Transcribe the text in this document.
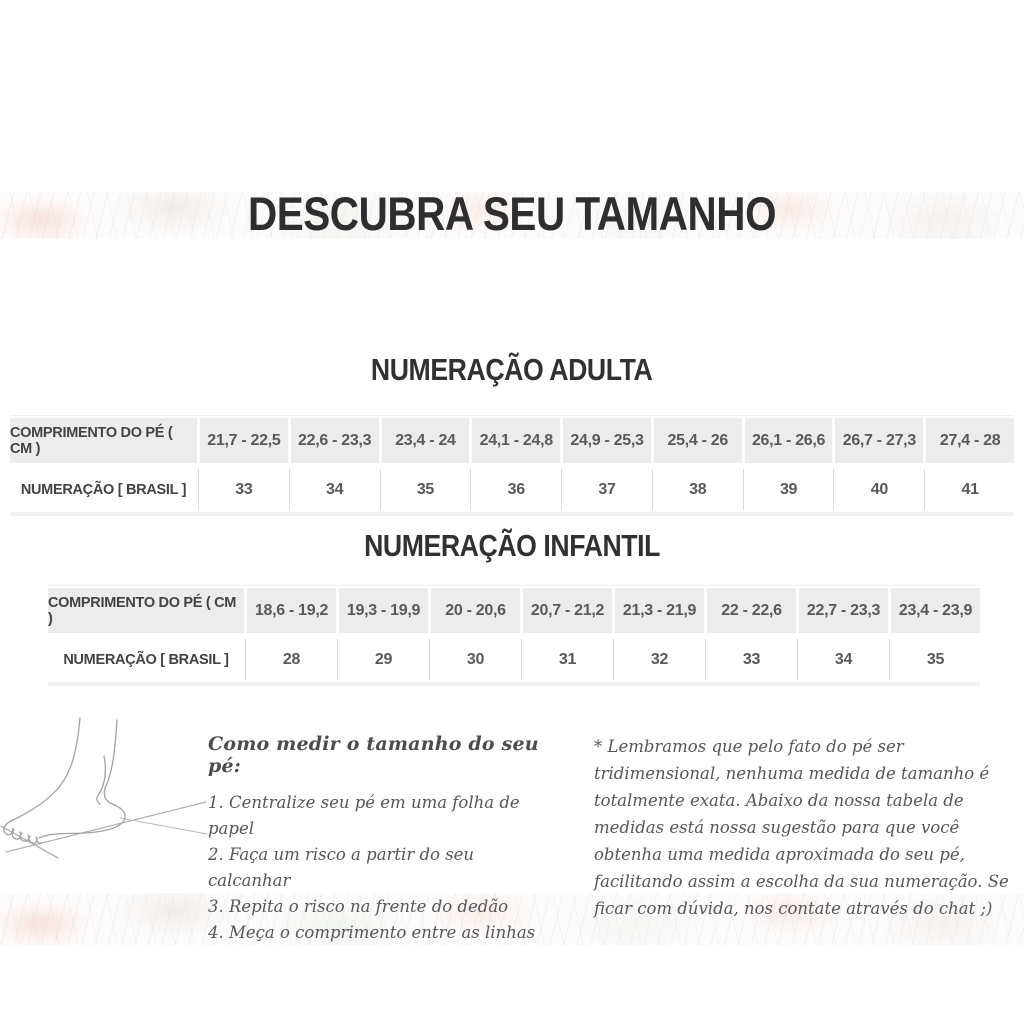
DESCUBRA SEU TAMANHO
NUMERAÇÃO ADULTA
COMPRIMENTO DO PÉ ( CM )	21,7 - 22,5	22,6 - 23,3	23,4 - 24	24,1 - 24,8	24,9 - 25,3	25,4 - 26	26,1 - 26,6	26,7 - 27,3	27,4 - 28
NUMERAÇÃO [ BRASIL ]	33	34	35	36	37	38	39	40	41
NUMERAÇÃO INFANTIL
COMPRIMENTO DO PÉ ( CM )	18,6 - 19,2	19,3 - 19,9	20 - 20,6	20,7 - 21,2	21,3 - 21,9	22 - 22,6	22,7 - 23,3	23,4 - 23,9
NUMERAÇÃO [ BRASIL ]	28	29	30	31	32	33	34	35
Como medir o tamanho do seu pé:
1. Centralize seu pé em uma folha de papel
2. Faça um risco a partir do seu calcanhar
3. Repita o risco na frente do dedão
4. Meça o comprimento entre as linhas
* Lembramos que pelo fato do pé ser tridimensional, nenhuma medida de tamanho é totalmente exata. Abaixo da nossa tabela de medidas está nossa sugestão para que você obtenha uma medida aproximada do seu pé, facilitando assim a escolha da sua numeração. Se ficar com dúvida, nos contate através do chat ;)
